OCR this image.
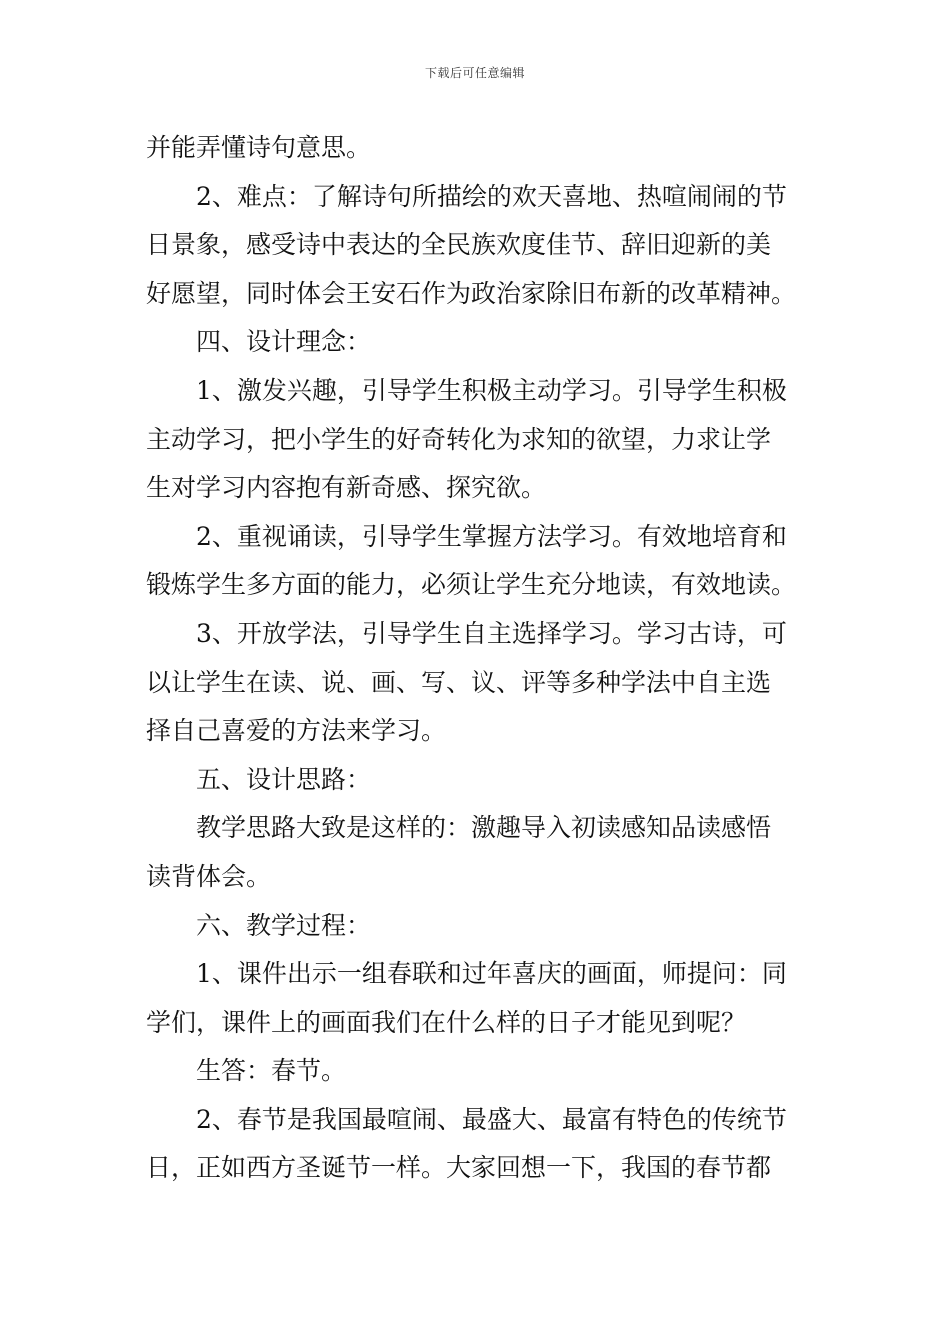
下载后可任意编辑

并能弄懂诗句意思。

2、难点：了解诗句所描绘的欢天喜地、热喧闹闹的节

日景象，感受诗中表达的全民族欢度佳节、辞旧迎新的美

好愿望，同时体会王安石作为政治家除旧布新的改革精神。

四、设计理念：

1、激发兴趣，引导学生积极主动学习。引导学生积极

主动学习，把小学生的好奇转化为求知的欲望，力求让学

生对学习内容抱有新奇感、探究欲。

2、重视诵读，引导学生掌握方法学习。有效地培育和

锻炼学生多方面的能力，必须让学生充分地读，有效地读。

3、开放学法，引导学生自主选择学习。学习古诗，可

以让学生在读、说、画、写、议、评等多种学法中自主选

择自己喜爱的方法来学习。

五、设计思路：

教学思路大致是这样的：激趣导入初读感知品读感悟

读背体会。

六、教学过程：

1、课件出示一组春联和过年喜庆的画面，师提问：同

学们，课件上的画面我们在什么样的日子才能见到呢？

生答：春节。

2、春节是我国最喧闹、最盛大、最富有特色的传统节

日，正如西方圣诞节一样。大家回想一下，我国的春节都
